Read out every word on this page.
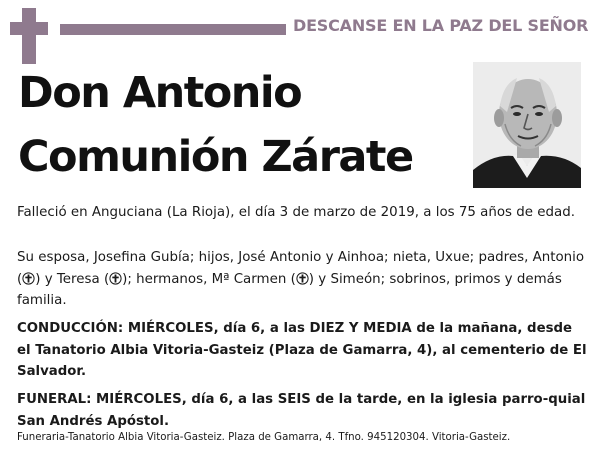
DESCANSE EN LA PAZ DEL SEÑOR
Don Antonio
Comunión Zárate

Falleció en Anguciana (La Rioja), el día 3 de marzo de 2019, a los 75 años de edad.

Su esposa, Josefina Gubía; hijos, José Antonio y Ainhoa; nieta, Uxue; padres, Antonio ( ) y Teresa ( ); hermanos, Mª Carmen ( ) y Simeón; sobrinos, primos y demás familia.

CONDUCCIÓN: MIÉRCOLES, día 6, a las DIEZ Y MEDIA de la mañana, desde el Tanatorio Albia Vitoria-Gasteiz (Plaza de Gamarra, 4), al cementerio de El Salvador.

FUNERAL: MIÉRCOLES, día 6, a las SEIS de la tarde, en la iglesia parro-quial San Andrés Apóstol.

Funeraria-Tanatorio Albia Vitoria-Gasteiz. Plaza de Gamarra, 4. Tfno. 945120304. Vitoria-Gasteiz.
